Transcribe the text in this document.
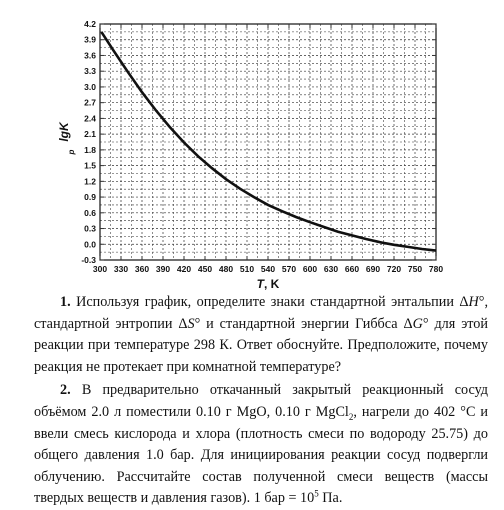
300 330 360 390 420 450 480 510 540 570 600 630 660 690 720 750 780
4.2
3.9
3.6
3.3
3.0
2.7
2.4
2.1
1.8
1.5
1.2
0.9
0.6
0.3
0.0
-0.3
T, K
lgK
p

1. Используя график, определите знаки стандартной энтальпии ΔH°, стандартной энтропии ΔS° и стандартной энергии Гиббса ΔG° для этой реакции при температуре 298 К. Ответ обоснуйте. Предположите, почему реакция не протекает при комнатной температуре?

2. В предварительно откачанный закрытый реакционный сосуд объёмом 2.0 л поместили 0.10 г MgO, 0.10 г MgCl$_2$, нагрели до 402 °C и ввели смесь кислорода и хлора (плотность смеси по водороду 25.75) до общего давления 1.0 бар. Для инициирования реакции сосуд подвергли облучению. Рассчитайте состав полученной смеси веществ (массы твердых веществ и давления газов). 1 бар = $10^5$ Па.
